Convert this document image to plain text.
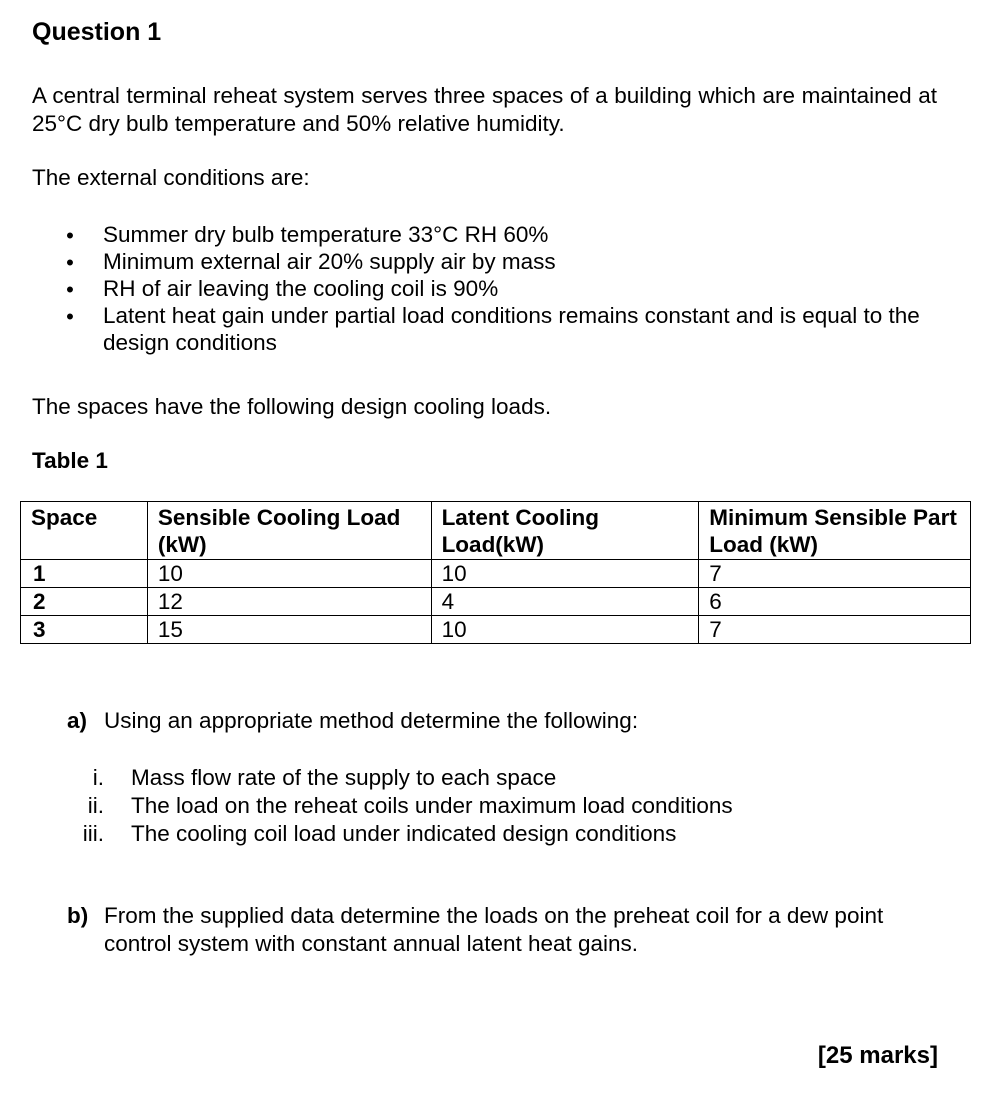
Question 1
A central terminal reheat system serves three spaces of a building which are maintained at 25°C dry bulb temperature and 50% relative humidity.
The external conditions are:
• Summer dry bulb temperature 33°C RH 60%
• Minimum external air 20% supply air by mass
• RH of air leaving the cooling coil is 90%
• Latent heat gain under partial load conditions remains constant and is equal to the design conditions
The spaces have the following design cooling loads.
Table 1
Space	Sensible Cooling Load (kW)	Latent Cooling Load(kW)	Minimum Sensible Part Load (kW)
1	10	10	7
2	12	4	6
3	15	10	7
a) Using an appropriate method determine the following:
i. Mass flow rate of the supply to each space
ii. The load on the reheat coils under maximum load conditions
iii. The cooling coil load under indicated design conditions
b) From the supplied data determine the loads on the preheat coil for a dew point control system with constant annual latent heat gains.
[25 marks]
